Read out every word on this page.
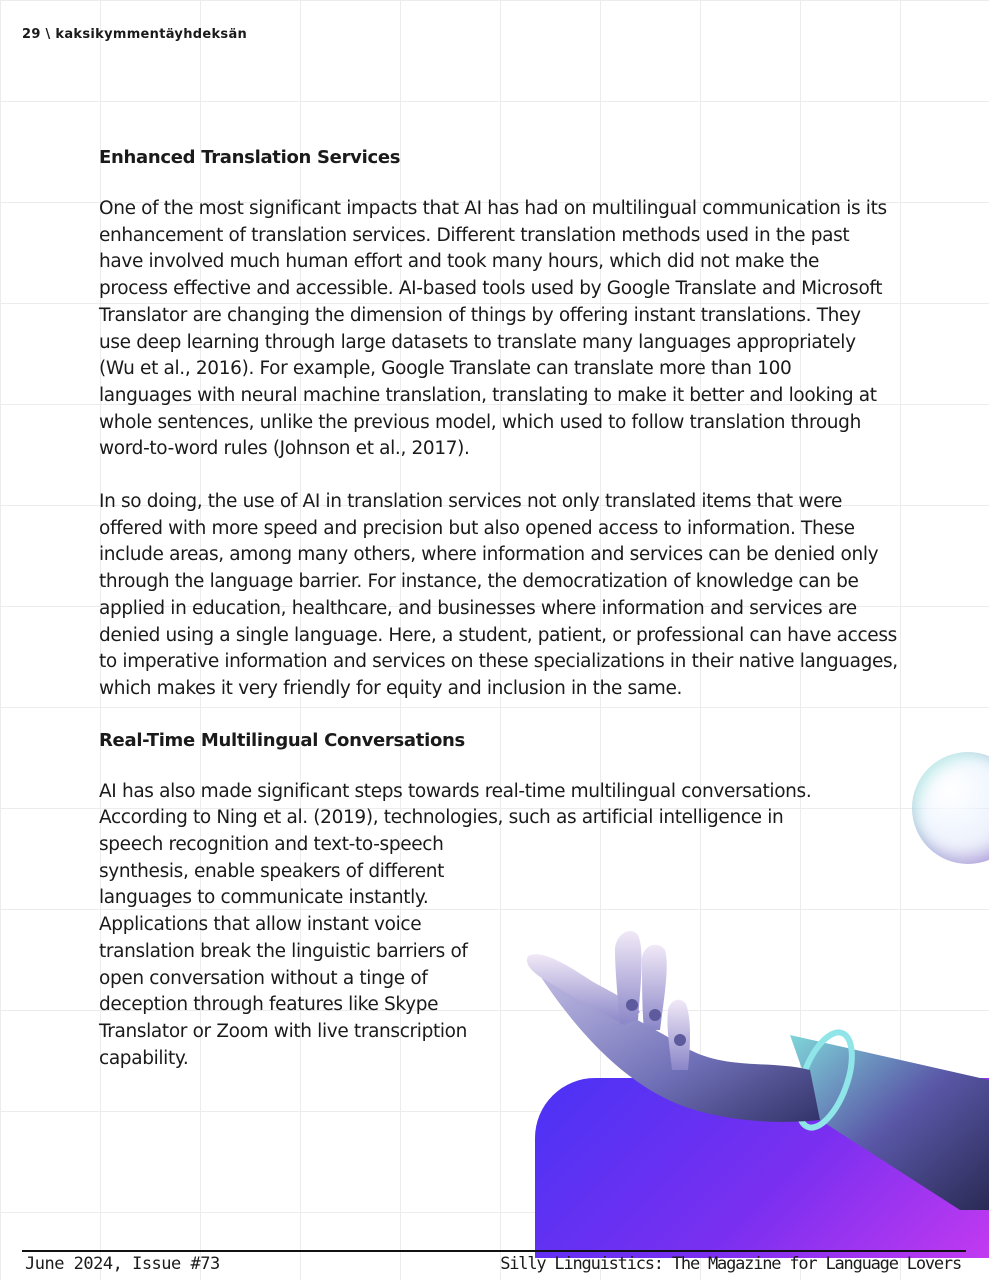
29 \ kaksikymmentäyhdeksän
Enhanced Translation Services

One of the most significant impacts that AI has had on multilingual communication is its enhancement of translation services. Different translation methods used in the past have involved much human effort and took many hours, which did not make the process effective and accessible. AI-based tools used by Google Translate and Microsoft Translator are changing the dimension of things by offering instant translations. They use deep learning through large datasets to translate many languages appropriately (Wu et al., 2016). For example, Google Translate can translate more than 100 languages with neural machine translation, translating to make it better and looking at whole sentences, unlike the previous model, which used to follow translation through word-to-word rules (Johnson et al., 2017).

In so doing, the use of AI in translation services not only translated items that were offered with more speed and precision but also opened access to information. These include areas, among many others, where information and services can be denied only through the language barrier. For instance, the democratization of knowledge can be applied in education, healthcare, and businesses where information and services are denied using a single language. Here, a student, patient, or professional can have access to imperative information and services on these specializations in their native languages, which makes it very friendly for equity and inclusion in the same.

Real-Time Multilingual Conversations

AI has also made significant steps towards real-time multilingual conversations. According to Ning et al. (2019), technologies, such as artificial intelligence in
speech recognition and text-to-speech synthesis, enable speakers of different languages to communicate instantly. Applications that allow instant voice translation break the linguistic barriers of open conversation without a tinge of deception through features like Skype Translator or Zoom with live transcription capability.

June 2024, Issue #73	Silly Linguistics: The Magazine for Language Lovers
